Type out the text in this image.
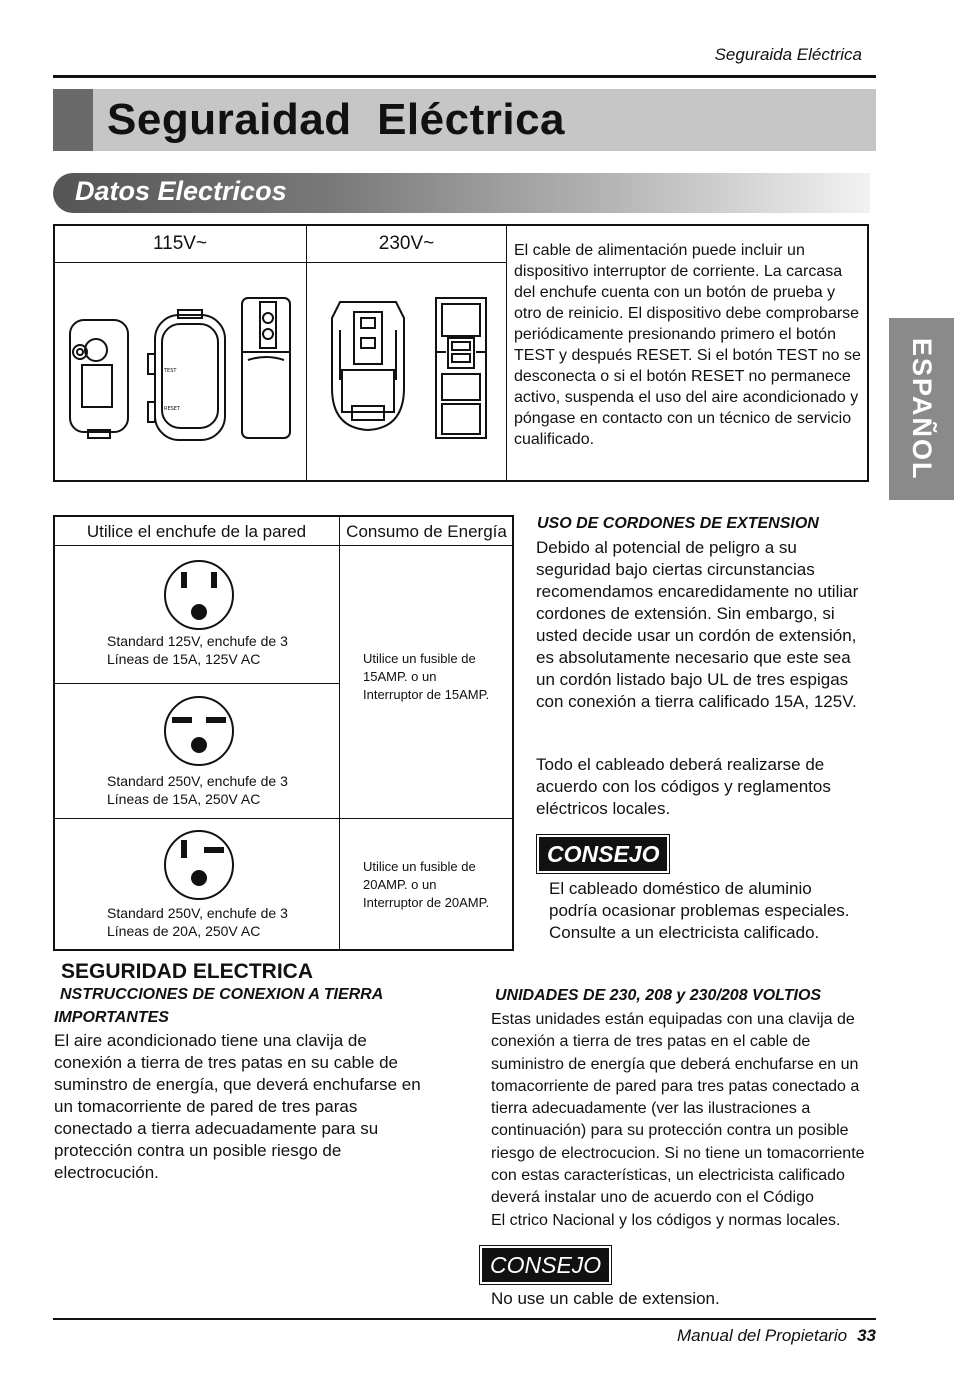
Seguraida Eléctrica
Seguraidad  Eléctrica
Datos Electricos
ESPAÑOL
115V~	230V~
TEST
RESET
El cable de alimentación puede incluir un dispositivo interruptor de corriente. La carcasa del enchufe cuenta con un botón de prueba y otro de reinicio. El dispositivo debe comprobarse periódicamente presionando primero el botón TEST y después RESET. Si el botón TEST no se desconecta o si el botón RESET no permanece activo, suspenda el uso del aire acondicionado y póngase en contacto con un técnico de servicio cualificado.
Utilice el enchufe de la pared	Consumo de Energía
Standard 125V, enchufe de 3
Líneas de 15A, 125V AC
Standard 250V, enchufe de 3
Líneas de 15A, 250V AC
Standard 250V, enchufe de 3
Líneas de 20A, 250V AC
Utilice un fusible de
15AMP. o un
Interruptor de 15AMP.
Utilice un fusible de
20AMP. o un
Interruptor de 20AMP.
USO DE CORDONES DE EXTENSION
Debido al potencial de peligro a su
seguridad bajo ciertas circunstancias
recomendamos encaredidamente no utiliar
cordones de extensión. Sin embargo, si
usted decide usar un cordón de extensión,
es absolutamente necesario que este sea
un cordón listado bajo UL de tres espigas
con conexión a tierra calificado 15A, 125V.
Todo el cableado deberá realizarse de
acuerdo con los códigos y reglamentos
eléctricos locales.
CONSEJO
El cableado doméstico de aluminio
podría ocasionar problemas especiales.
Consulte a un electricista calificado.
SEGURIDAD ELECTRICA
NSTRUCCIONES DE CONEXION A TIERRA
IMPORTANTES
El aire acondicionado tiene una clavija de
conexión a tierra de tres patas en su cable de
suminstro de energía, que deverá enchufarse en
un tomacorriente de pared de tres paras
conectado a tierra adecuadamente para su
protección contra un posible riesgo de
electrocución.
UNIDADES DE 230, 208 y 230/208 VOLTIOS
Estas unidades están equipadas con una clavija de
conexión a tierra de tres patas en el cable de
suministro de energía que deberá enchufarse en un
tomacorriente de pared para tres patas conectado a
tierra adecuadamente (ver las ilustraciones a
continuación) para su protección contra un posible
riesgo de electrocucion. Si no tiene un tomacorriente
con estas características, un electricista calificado
deverá instalar uno de acuerdo con el Código
El ctrico Nacional y los códigos y normas locales.
CONSEJO
No use un cable de extension.
Manual del Propietario 33
